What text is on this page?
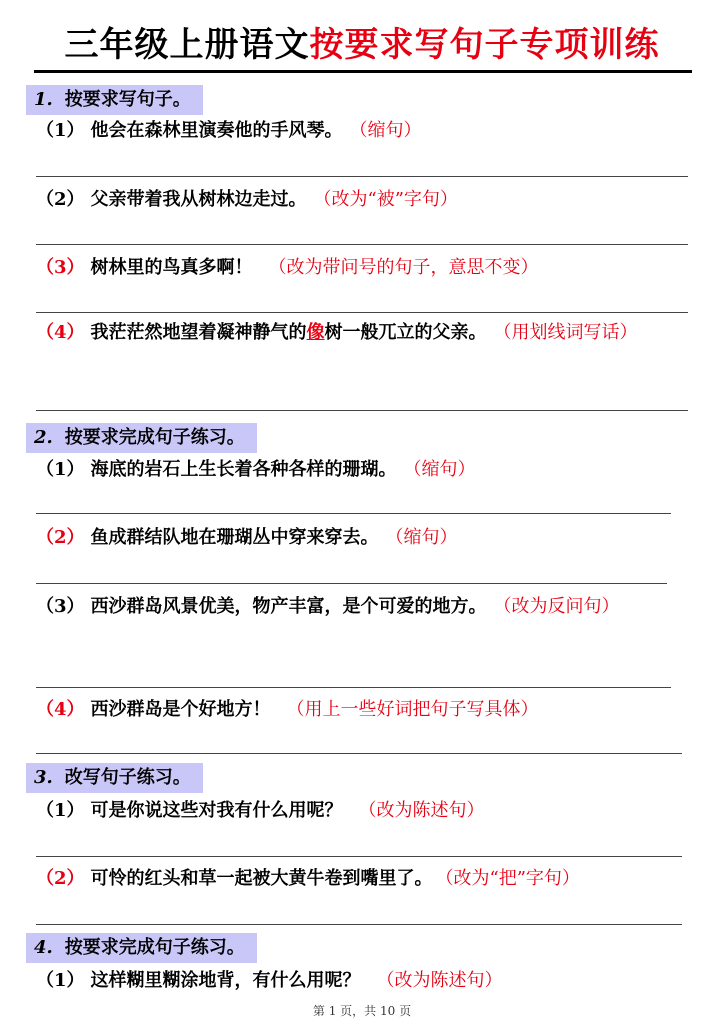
三年级上册语文按要求写句子专项训练
1. 按要求写句子。
（1） 他会在森林里演奏他的手风琴。 （缩句）
（2） 父亲带着我从树林边走过。 （改为“被”字句）
（3） 树林里的鸟真多啊！ （改为带问号的句子，意思不变）
（4） 我茫茫然地望着凝神静气的像树一般兀立的父亲。 （用划线词写话）
2. 按要求完成句子练习。
（1） 海底的岩石上生长着各种各样的珊瑚。 （缩句）
（2） 鱼成群结队地在珊瑚丛中穿来穿去。 （缩句）
（3） 西沙群岛风景优美，物产丰富，是个可爱的地方。 （改为反问句）
（4） 西沙群岛是个好地方！ （用上一些好词把句子写具体）
3. 改写句子练习。
（1） 可是你说这些对我有什么用呢？ （改为陈述句）
（2） 可怜的红头和草一起被大黄牛卷到嘴里了。 （改为“把”字句）
4. 按要求完成句子练习。
（1） 这样糊里糊涂地背，有什么用呢？ （改为陈述句）
第 1 页，共 10 页
